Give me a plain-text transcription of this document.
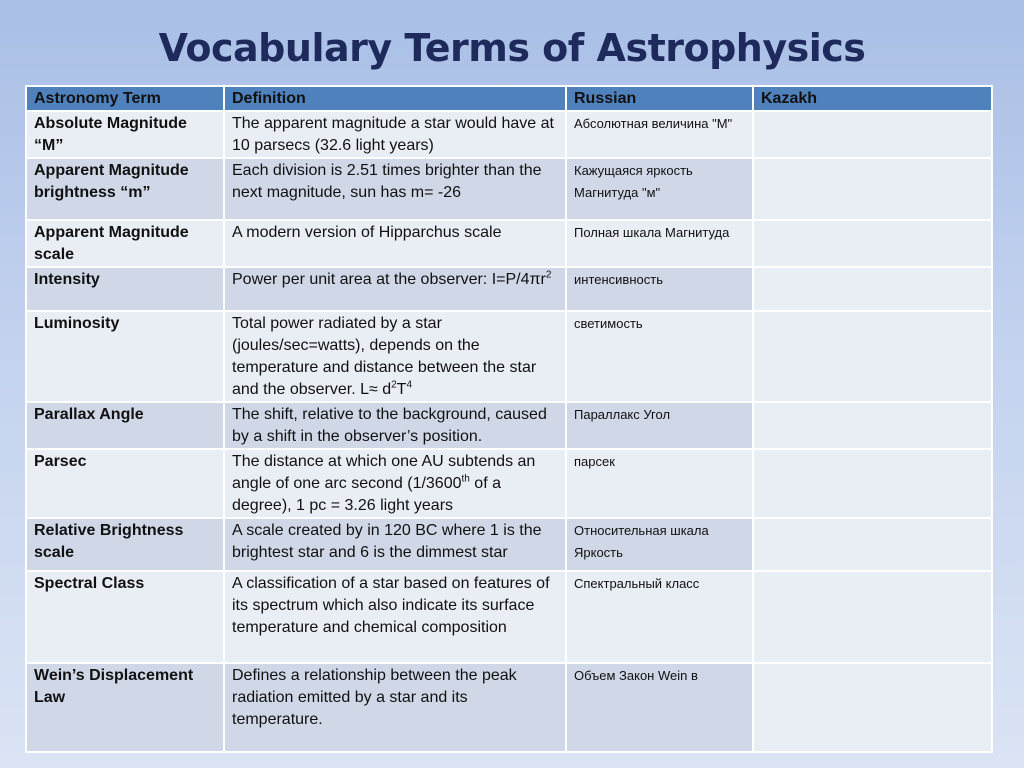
Vocabulary Terms of Astrophysics
Astronomy Term	Definition	Russian	Kazakh
Absolute Magnitude “M”	The apparent magnitude a star would have at 10 parsecs (32.6 light years)	Абсолютная величина "M"	
Apparent Magnitude brightness “m”	Each division is 2.51 times brighter than the next magnitude, sun has m= -26	Кажущаяся яркость Магнитуда "м"	
Apparent Magnitude scale	A modern version of Hipparchus scale	Полная шкала Магнитуда	
Intensity	Power per unit area at the observer: $I=P/4\pi r^2$	интенсивность	
Luminosity	Total power radiated by a star (joules/sec=watts), depends on the temperature and distance between the star and the observer. $L\approx d^2T^4$	светимость	
Parallax Angle	The shift, relative to the background, caused by a shift in the observer’s position.	Параллакс Угол	
Parsec	The distance at which one AU subtends an angle of one arc second (1/3600th of a degree), 1 pc = 3.26 light years	парсек	
Relative Brightness scale	A scale created by in 120 BC where 1 is the brightest star and 6 is the dimmest star	Относительная шкала Яркость	
Spectral Class	A classification of a star based on features of its spectrum which also indicate its surface temperature and chemical composition	Спектральный класс	
Wein’s Displacement Law	Defines a relationship between the peak radiation emitted by a star and its temperature.	Объем Закон Wein в	
